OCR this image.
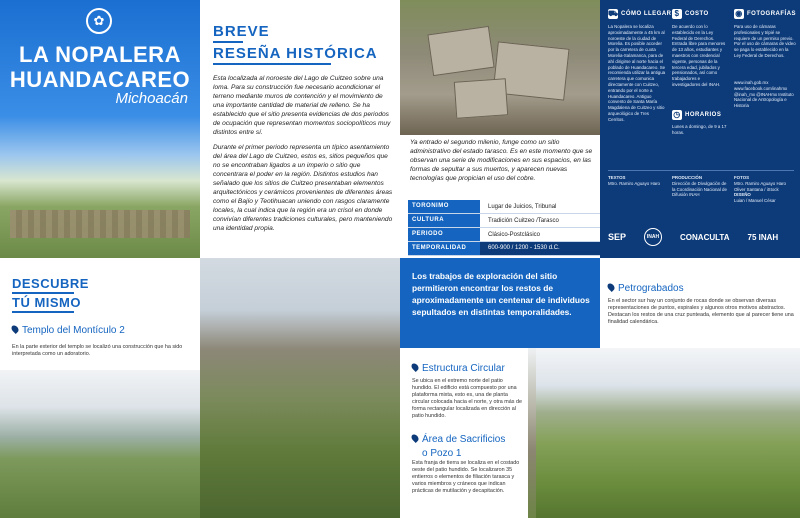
✿
LA NOPALERA
HUANDACAREO
Michoacán
BREVE
RESEÑA HISTÓRICA
Esta localizada al noroeste del Lago de Cuitzeo sobre una loma. Para su construcción fue necesario acondicionar el terreno mediante muros de contención y el movimiento de una importante cantidad de material de relleno. Se ha establecido que el sitio presenta evidencias de dos periodos de ocupación que representan momentos sociopolíticos muy distintos entre sí.
Durante el primer periodo representa un típico asentamiento del área del Lago de Cuitzeo, estos es, sitios pequeños que no se encontraban ligados a un imperio o sitio que concentrara el poder en la región. Distintos estudios han señalado que los sitios de Cuitzeo presentaban elementos arquitectónicos y cerámicos provenientes de diferentes áreas como el Bajío y Teotihuacan uniendo con rasgos claramente locales, la cual indica que la región era un crisol en donde convivían diferentes tradiciones culturales, pero manteniendo una identidad propia.
Ya entrado el segundo milenio, funge como un sitio administrativo del estado tarasco. Es en este momento que se observan una serie de modificaciones en sus espacios, en las formas de sepultar a sus muertos, y aparecen nuevas tecnologías que propician el uso del cobre.
TORONIMO	Lugar de Juicios, Tribunal
CULTURA	Tradición Cuitzeo /Tarasco
PERIODO	Clásico-Postclásico
TEMPORALIDAD	600-900 / 1200 - 1530 d.C.
⛟ CÓMO LLEGAR
La Nopalera se localiza aproximadamente a 45 km al noroeste de la ciudad de Morelia. Es posible acceder por la carretera de cuota Morelia-Salamanca, para de ahí dirigirse al norte hacia el poblado de Huandacareo. Se recomienda utilizar la antigua carretera que comunica directamente con Cuitzeo, entrando por el norte a Huandacareo. Antiguo convento de Santa María Magdalena de Cuitzeo y sitio arqueológico de Tres Cerritos.
$ COSTO
De acuerdo con lo establecido en la Ley Federal de Derechos. Entrada libre para menores de 13 años, estudiantes y maestros con credencial vigente, personas de la tercera edad, jubilados y pensionados, así como trabajadores e investigadores del INAH.
◉ FOTOGRAFÍAS
Para uso de cámaras profesionales y tripié se requiere de un permiso previo. Por el uso de cámaras de video se paga lo establecido en la Ley Federal de Derechos.
◷ HORARIOS
Lunes a domingo, de 9 a 17 horas.
www.inah.gob.mx www.facebook.com/inahmx @inah_mx @INAHmx Instituto Nacional de Antropología e Historia
TEXTOS
Mtro. Ramiro Aguayo Haro
PRODUCCIÓN
Dirección de Divulgación de la Coordinación Nacional de Difusión INAH
FOTOS
Mtro. Ramiro Aguayo Haro Oliver Santana / iStock
DISEÑO
Luian / Manuel César
SEP	INAH	CONACULTA 75 INAH
DESCUBRE
TÚ MISMO
Templo del Montículo 2
En la parte exterior del templo se localizó una construcción que ha sido interpretada como un adoratorio.
Los trabajos de exploración del sitio permitieron encontrar los restos de aproximadamente un centenar de individuos sepultados en distintas temporalidades.
Estructura Circular
Se ubica en el extremo norte del patio hundido. El edificio está compuesto por una plataforma mixta, esto es, una de planta circular colocada hacia el norte, y otra más de forma rectangular localizada en dirección al patio hundido.
Área de Sacrificios
o Pozo 1
Esta franja de tierra se localiza en el costado oeste del patio hundido. Se localizaron 35 entierros o elementos de filiación tarasca y varios miembros y cráneos que indican prácticas de mutilación y decapitación.
Petrograbados
En el sector sur hay un conjunto de rocas donde se observan diversas representaciones de puntos, espirales y algunos otros motivos abstractos. Destacan los restos de una cruz punteada, elemento que al parecer tiene una finalidad calendárica.
